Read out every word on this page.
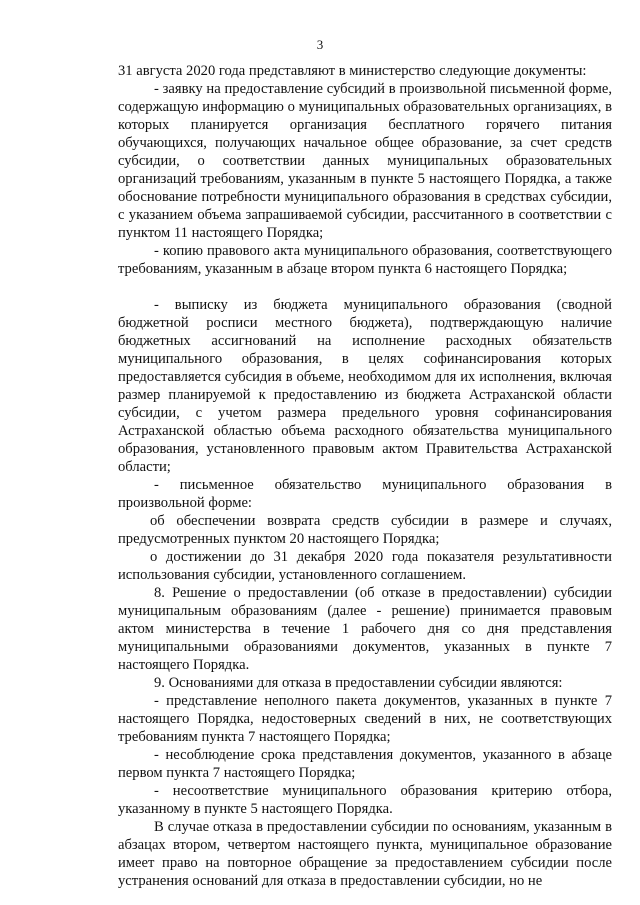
3

31 августа 2020 года представляют в министерство следующие документы:

- заявку на предоставление субсидий в произвольной письменной форме, содержащую информацию о муниципальных образовательных организациях, в которых планируется организация бесплатного горячего питания обучающихся, получающих начальное общее образование, за счет средств субсидии, о соответствии данных муниципальных образовательных организаций требованиям, указанным в пункте 5 настоящего Порядка, а также обоснование потребности муниципального образования в средствах субсидии, с указанием объема запрашиваемой субсидии, рассчитанного в соответствии с пунктом 11 настоящего Порядка;

- копию правового акта муниципального образования, соответствующего требованиям, указанным в абзаце втором пункта 6 настоящего Порядка;

- выписку из бюджета муниципального образования (сводной бюджетной росписи местного бюджета), подтверждающую наличие бюджетных ассигнований на исполнение расходных обязательств муниципального образования, в целях софинансирования которых предоставляется субсидия в объеме, необходимом для их исполнения, включая размер планируемой к предоставлению из бюджета Астраханской области субсидии, с учетом размера предельного уровня софинансирования Астраханской областью объема расходного обязательства муниципального образования, установленного правовым актом Правительства Астраханской области;

- письменное обязательство муниципального образования в произвольной форме:

об обеспечении возврата средств субсидии в размере и случаях, предусмотренных пунктом 20 настоящего Порядка;

о достижении до 31 декабря 2020 года показателя результативности использования субсидии, установленного соглашением.

8. Решение о предоставлении (об отказе в предоставлении) субсидии муниципальным образованиям (далее - решение) принимается правовым актом министерства в течение 1 рабочего дня со дня представления муниципальными образованиями документов, указанных в пункте 7 настоящего Порядка.

9. Основаниями для отказа в предоставлении субсидии являются:

- представление неполного пакета документов, указанных в пункте 7 настоящего Порядка, недостоверных сведений в них, не соответствующих требованиям пункта 7 настоящего Порядка;

- несоблюдение срока представления документов, указанного в абзаце первом пункта 7 настоящего Порядка;

- несоответствие муниципального образования критерию отбора, указанному в пункте 5 настоящего Порядка.

В случае отказа в предоставлении субсидии по основаниям, указанным в абзацах втором, четвертом настоящего пункта, муниципальное образование имеет право на повторное обращение за предоставлением субсидии после устранения оснований для отказа в предоставлении субсидии, но не
